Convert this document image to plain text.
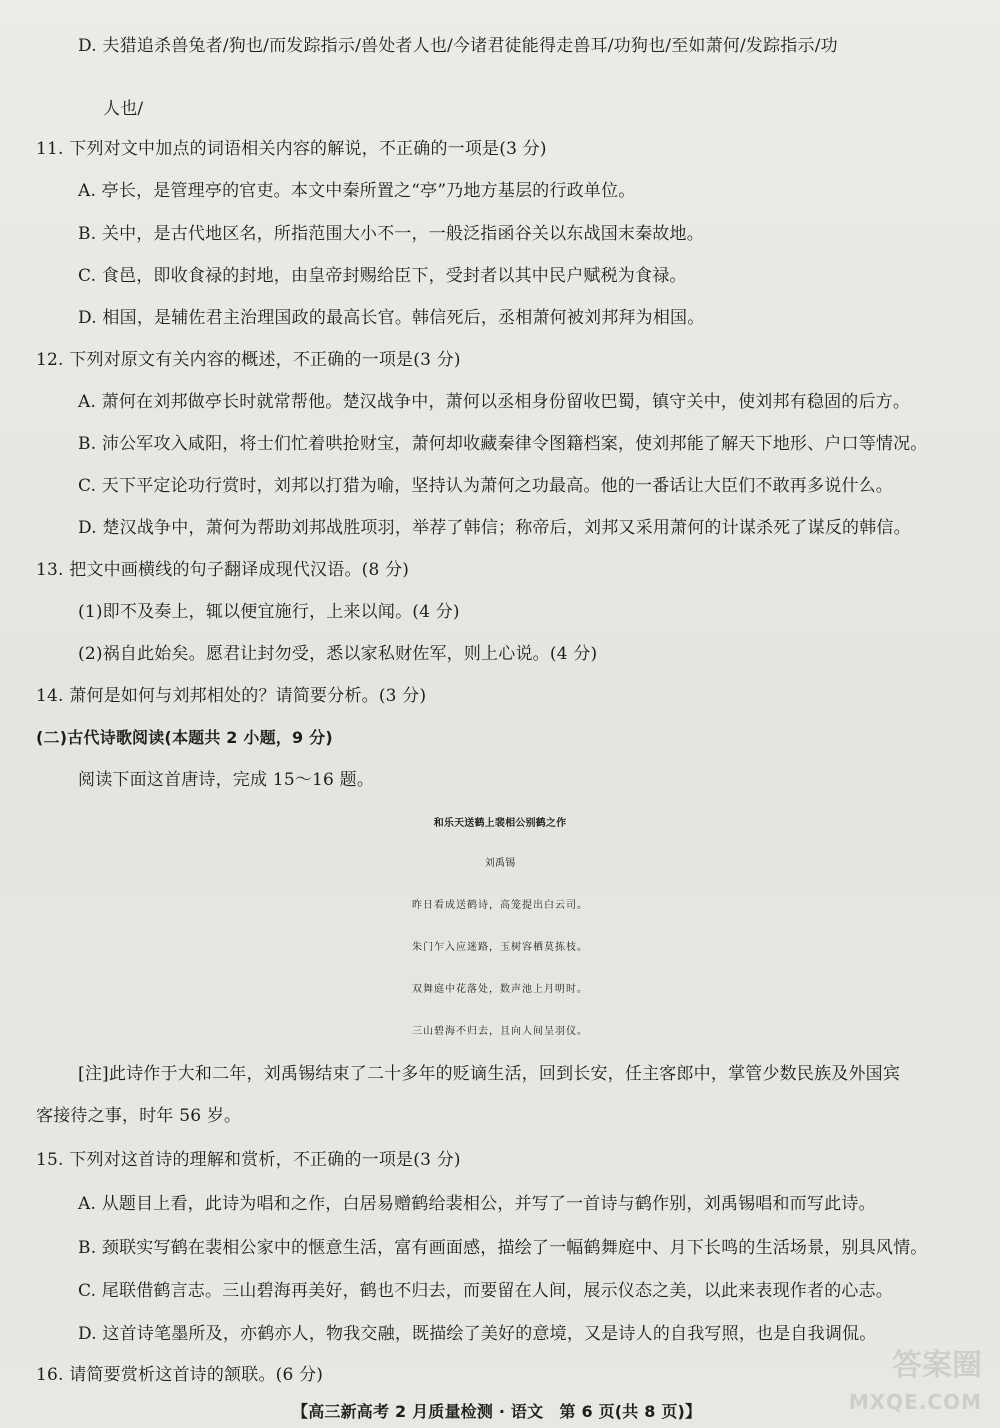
D. 夫猎追杀兽兔者/狗也/而发踪指示/兽处者人也/今诸君徒能得走兽耳/功狗也/至如萧何/发踪指示/功
人也/
11. 下列对文中加点的词语相关内容的解说，不正确的一项是(3 分)
A. 亭长，是管理亭的官吏。本文中秦所置之“亭”乃地方基层的行政单位。
B. 关中，是古代地区名，所指范围大小不一，一般泛指函谷关以东战国末秦故地。
C. 食邑，即收食禄的封地，由皇帝封赐给臣下，受封者以其中民户赋税为食禄。
D. 相国，是辅佐君主治理国政的最高长官。韩信死后，丞相萧何被刘邦拜为相国。
12. 下列对原文有关内容的概述，不正确的一项是(3 分)
A. 萧何在刘邦做亭长时就常帮他。楚汉战争中，萧何以丞相身份留收巴蜀，镇守关中，使刘邦有稳固的后方。
B. 沛公军攻入咸阳，将士们忙着哄抢财宝，萧何却收藏秦律令图籍档案，使刘邦能了解天下地形、户口等情况。
C. 天下平定论功行赏时，刘邦以打猎为喻，坚持认为萧何之功最高。他的一番话让大臣们不敢再多说什么。
D. 楚汉战争中，萧何为帮助刘邦战胜项羽，举荐了韩信；称帝后，刘邦又采用萧何的计谋杀死了谋反的韩信。
13. 把文中画横线的句子翻译成现代汉语。(8 分)
(1)即不及奏上，辄以便宜施行，上来以闻。(4 分)
(2)祸自此始矣。愿君让封勿受，悉以家私财佐军，则上心说。(4 分)
14. 萧何是如何与刘邦相处的？请简要分析。(3 分)
(二)古代诗歌阅读(本题共 2 小题，9 分)
阅读下面这首唐诗，完成 15～16 题。
和乐天送鹤上裴相公别鹤之作
刘禹锡
昨日看成送鹤诗，高笼提出白云司。
朱门乍入应迷路，玉树容栖莫拣枝。
双舞庭中花落处，数声池上月明时。
三山碧海不归去，且向人间呈羽仪。
[注]此诗作于大和二年，刘禹锡结束了二十多年的贬谪生活，回到长安，任主客郎中，掌管少数民族及外国宾
客接待之事，时年 56 岁。
15. 下列对这首诗的理解和赏析，不正确的一项是(3 分)
A. 从题目上看，此诗为唱和之作，白居易赠鹤给裴相公，并写了一首诗与鹤作别，刘禹锡唱和而写此诗。
B. 颈联实写鹤在裴相公家中的惬意生活，富有画面感，描绘了一幅鹤舞庭中、月下长鸣的生活场景，别具风情。
C. 尾联借鹤言志。三山碧海再美好，鹤也不归去，而要留在人间，展示仪态之美，以此来表现作者的心志。
D. 这首诗笔墨所及，亦鹤亦人，物我交融，既描绘了美好的意境，又是诗人的自我写照，也是自我调侃。
16. 请简要赏析这首诗的颔联。(6 分)
【高三新高考 2 月质量检测 · 语文　第 6 页(共 8 页)】
答案圈
MXQE.COM
